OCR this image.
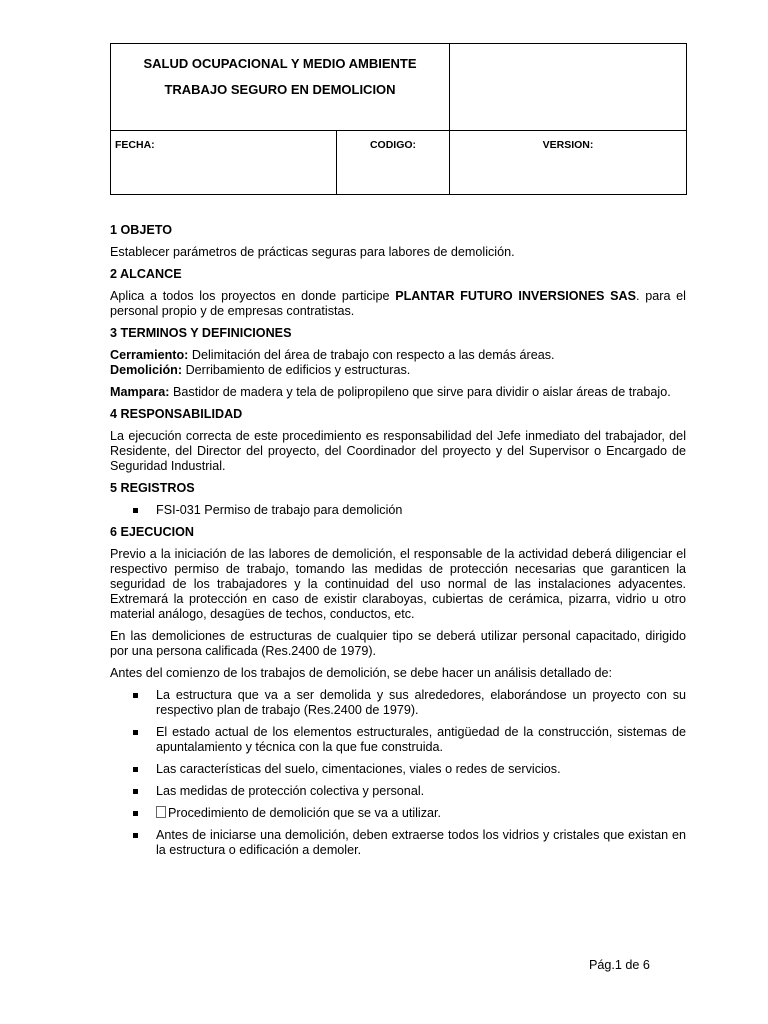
SALUD OCUPACIONAL Y MEDIO AMBIENTE
TRABAJO SEGURO EN DEMOLICION		

FECHA:	CODIGO:	VERSION:
1 OBJETO

Establecer parámetros de prácticas seguras para labores de demolición.

2 ALCANCE

Aplica a todos los proyectos en donde participe PLANTAR FUTURO INVERSIONES SAS. para el personal propio y de empresas contratistas.

3 TERMINOS Y DEFINICIONES

Cerramiento: Delimitación del área de trabajo con respecto a las demás áreas.
Demolición: Derribamiento de edificios y estructuras.

Mampara: Bastidor de madera y tela de polipropileno que sirve para dividir o aislar áreas de trabajo.

4 RESPONSABILIDAD

La ejecución correcta de este procedimiento es responsabilidad del Jefe inmediato del trabajador, del Residente, del Director del proyecto, del Coordinador del proyecto y del Supervisor o Encargado de Seguridad Industrial.

5 REGISTROS
FSI-031 Permiso de trabajo para demolición
6 EJECUCION

Previo a la iniciación de las labores de demolición, el responsable de la actividad deberá diligenciar el respectivo permiso de trabajo, tomando las medidas de protección necesarias que garanticen la seguridad de los trabajadores y la continuidad del uso normal de las instalaciones adyacentes. Extremará la protección en caso de existir claraboyas, cubiertas de cerámica, pizarra, vidrio u otro material análogo, desagües de techos, conductos, etc.

En las demoliciones de estructuras de cualquier tipo se deberá utilizar personal capacitado, dirigido por una persona calificada (Res.2400 de 1979).

Antes del comienzo de los trabajos de demolición, se debe hacer un análisis detallado de:

La estructura que va a ser demolida y sus alrededores, elaborándose un proyecto con su respectivo plan de trabajo (Res.2400 de 1979).
El estado actual de los elementos estructurales, antigüedad de la construcción, sistemas de apuntalamiento y técnica con la que fue construida.
Las características del suelo, cimentaciones, viales o redes de servicios.
Las medidas de protección colectiva y personal.
Procedimiento de demolición que se va a utilizar.
Antes de iniciarse una demolición, deben extraerse todos los vidrios y cristales que existan en la estructura o edificación a demoler.
Pág.1 de 6
